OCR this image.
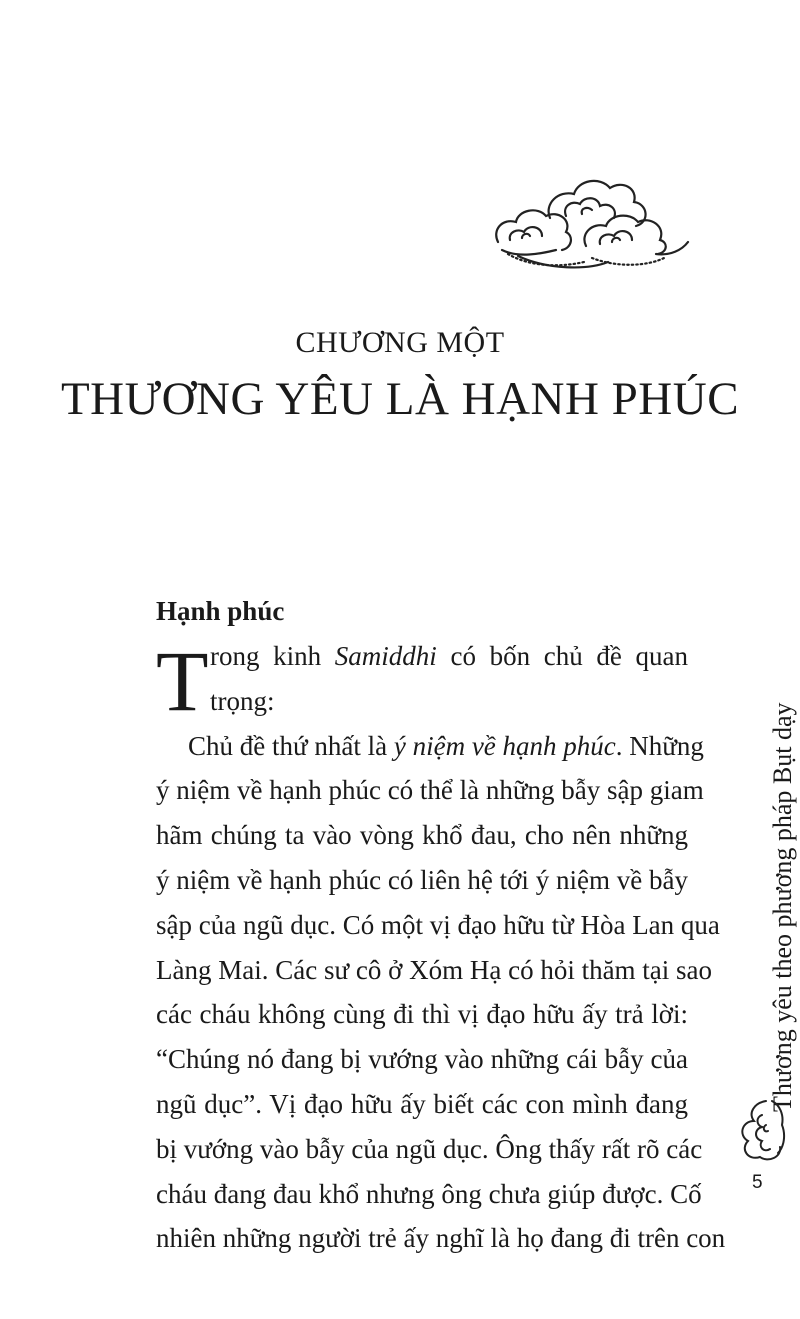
CHƯƠNG MỘT
THƯƠNG YÊU LÀ HẠNH PHÚC
Hạnh phúc
T rong kinh Samiddhi có bốn chủ đề quan
trọng:
Chủ đề thứ nhất là ý niệm về hạnh phúc. Những
ý niệm về hạnh phúc có thể là những bẫy sập giam
hãm chúng ta vào vòng khổ đau, cho nên những
ý niệm về hạnh phúc có liên hệ tới ý niệm về bẫy
sập của ngũ dục. Có một vị đạo hữu từ Hòa Lan qua
Làng Mai. Các sư cô ở Xóm Hạ có hỏi thăm tại sao
các cháu không cùng đi thì vị đạo hữu ấy trả lời:
“Chúng nó đang bị vướng vào những cái bẫy của
ngũ dục”. Vị đạo hữu ấy biết các con mình đang
bị vướng vào bẫy của ngũ dục. Ông thấy rất rõ các
cháu đang đau khổ nhưng ông chưa giúp được. Cố
nhiên những người trẻ ấy nghĩ là họ đang đi trên con
Thương yêu theo phương pháp Bụt dạy
5
